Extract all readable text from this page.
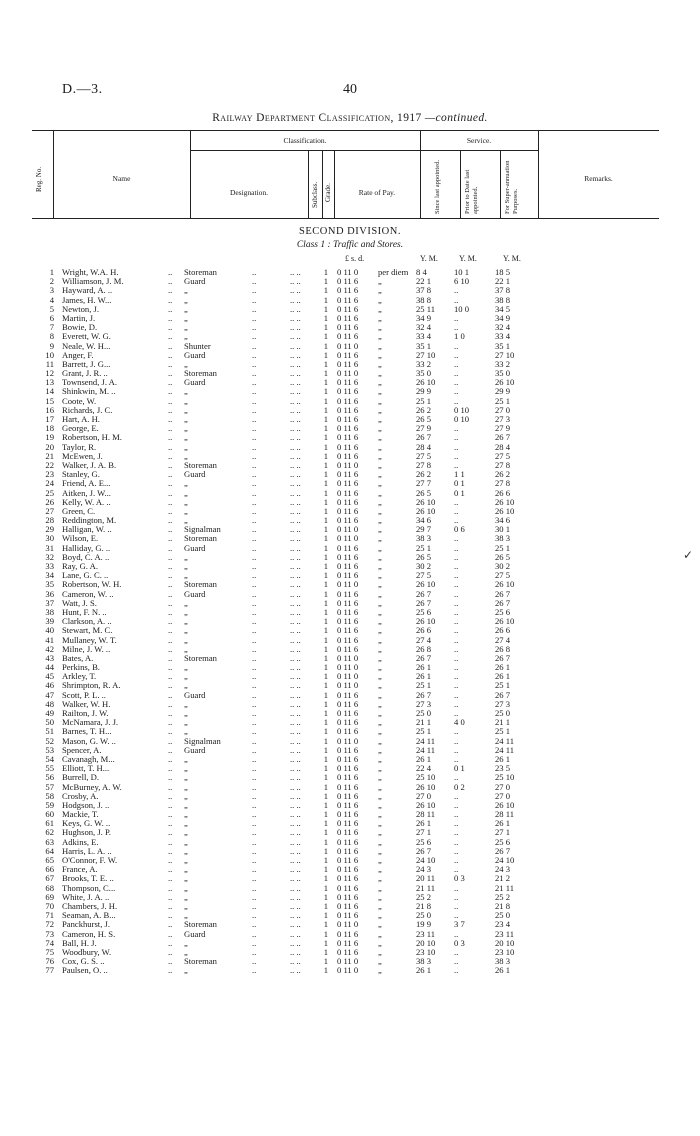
D.—3.	40
Railway Department Classification, 1917 —continued.
Reg. No.	Name
Classification.	Service.
Designation.	Subclass. Grade.	Rate of Pay.	Since last appointed.	Prior to Date last appointed.	For Super-annuation Purposes.
Remarks.
SECOND DIVISION.
Class 1 : Traffic and Stores.
£ s. d.	Y. M.	Y. M.	Y. M.
1 Wright, W.A. H.	.. Storeman	..	.. ..	1 0 11 0	per diem 8 4	10 1	18 5
2 Williamson, J. M.	.. Guard	..	.. ..	1 0 11 6	„	22 1	6 10	22 1
3 Hayward, A. ..	.. „	..	.. ..	1 0 11 6	„	37 8	..	37 8
4 James, H. W...	.. „	..	.. ..	1 0 11 6	„	38 8	..	38 8
5 Newton, J.	.. „	..	.. ..	1 0 11 6	„	25 11	10 0	34 5
6 Martin, J.	.. „	..	.. ..	1 0 11 6	„	34 9	..	34 9
7 Bowie, D.	.. „	..	.. ..	1 0 11 6	„	32 4	..	32 4
8 Everett, W. G.	.. „	..	.. ..	1 0 11 6	„	33 4	1 0	33 4
9 Neale, W. H...	.. Shunter	..	.. ..	1 0 11 0	„	35 1	..	35 1
10 Anger, F.	.. Guard	..	.. ..	1 0 11 6	„	27 10	..	27 10
11 Barrett, J. G...	.. „	..	.. ..	1 0 11 6	„	33 2	..	33 2
12 Grant, J. R. ..	.. Storeman	..	.. ..	1 0 11 0	„	35 0	..	35 0
13 Townsend, J. A.	.. Guard	..	.. ..	1 0 11 6	„	26 10	..	26 10
14 Shinkwin, M. ..	.. „	..	.. ..	1 0 11 6	„	29 9	..	29 9
15 Coote, W.	.. „	..	.. ..	1 0 11 6	„	25 1	..	25 1
16 Richards, J. C.	.. „	..	.. ..	1 0 11 6	„	26 2	0 10	27 0
17 Hart, A. H.	.. „	..	.. ..	1 0 11 6	„	26 5	0 10	27 3
18 George, E.	.. „	..	.. ..	1 0 11 6	„	27 9	..	27 9
19 Robertson, H. M.	.. „	..	.. ..	1 0 11 6	„	26 7	..	26 7
20 Taylor, R.	.. „	..	.. ..	1 0 11 6	„	28 4	..	28 4
21 McEwen, J.	.. „	..	.. ..	1 0 11 6	„	27 5	..	27 5
22 Walker, J. A. B.	.. Storeman	..	.. ..	1 0 11 0	„	27 8	..	27 8
23 Stanley, G.	.. Guard	..	.. ..	1 0 11 6	„	26 2	1 1	26 2
24 Friend, A. E...	.. „	..	.. ..	1 0 11 6	„	27 7	0 1	27 8
25 Aitken, J. W...	.. „	..	.. ..	1 0 11 6	„	26 5	0 1	26 6
26 Kelly, W. A. ..	.. „	..	.. ..	1 0 11 6	„	26 10	..	26 10
27 Green, C.	.. „	..	.. ..	1 0 11 6	„	26 10	..	26 10
28 Reddington, M.	.. „	..	.. ..	1 0 11 6	„	34 6	..	34 6
29 Halligan, W. ..	.. Signalman	..	.. ..	1 0 11 0	„	29 7	0 6	30 1
30 Wilson, E.	.. Storeman	..	.. ..	1 0 11 0	„	38 3	..	38 3
31 Halliday, G. ..	.. Guard	..	.. ..	1 0 11 6	„	25 1	..	25 1
32 Boyd, C. A. ..	.. „	..	.. ..	1 0 11 6	„	26 5	..	26 5
33 Ray, G. A.	.. „	..	.. ..	1 0 11 6	„	30 2	..	30 2
34 Lane, G. C. ..	.. „	..	.. ..	1 0 11 6	„	27 5	..	27 5
35 Robertson, W. H.	.. Storeman	..	.. ..	1 0 11 0	„	26 10	..	26 10
36 Cameron, W. ..	.. Guard	..	.. ..	1 0 11 6	„	26 7	..	26 7
37 Watt, J. S.	.. „	..	.. ..	1 0 11 6	„	26 7	..	26 7
38 Hunt, F. N. ..	.. „	..	.. ..	1 0 11 6	„	25 6	..	25 6
39 Clarkson, A. ..	.. „	..	.. ..	1 0 11 6	„	26 10	..	26 10
40 Stewart, M. C.	.. „	..	.. ..	1 0 11 6	„	26 6	..	26 6
41 Mullaney, W. T.	.. „	..	.. ..	1 0 11 6	„	27 4	..	27 4
42 Milne, J. W. ..	.. „	..	.. ..	1 0 11 6	„	26 8	..	26 8
43 Bates, A.	.. Storeman	..	.. ..	1 0 11 0	„	26 7	..	26 7
44 Perkins, B.	.. „	..	.. ..	1 0 11 0	„	26 1	..	26 1
45 Arkley, T.	.. „	..	.. ..	1 0 11 0	„	26 1	..	26 1
46 Shrimpton, R. A.	.. „	..	.. ..	1 0 11 0	„	25 1	..	25 1
47 Scott, P. L. ..	.. Guard	..	.. ..	1 0 11 6	„	26 7	..	26 7
48 Walker, W. H.	.. „	..	.. ..	1 0 11 6	„	27 3	..	27 3
49 Railton, J. W.	.. „	..	.. ..	1 0 11 6	„	25 0	..	25 0
50 McNamara, J. J.	.. „	..	.. ..	1 0 11 6	„	21 1	4 0	21 1
51 Barnes, T. H...	.. „	..	.. ..	1 0 11 6	„	25 1	..	25 1
52 Mason, G. W. ..	.. Signalman	..	.. ..	1 0 11 0	„	24 11	..	24 11
53 Spencer, A.	.. Guard	..	.. ..	1 0 11 6	„	24 11	..	24 11
54 Cavanagh, M...	.. „	..	.. ..	1 0 11 6	„	26 1	..	26 1
55 Elliott, T. H...	.. „	..	.. ..	1 0 11 6	„	22 4	0 1	23 5
56 Burrell, D.	.. „	..	.. ..	1 0 11 6	„	25 10	..	25 10
57 McBurney, A. W.	.. „	..	.. ..	1 0 11 6	„	26 10	0 2	27 0
58 Crosby, A.	.. „	..	.. ..	1 0 11 6	„	27 0	..	27 0
59 Hodgson, J. ..	.. „	..	.. ..	1 0 11 6	„	26 10	..	26 10
60 Mackie, T.	.. „	..	.. ..	1 0 11 6	„	28 11	..	28 11
61 Keys, G. W. ..	.. „	..	.. ..	1 0 11 6	„	26 1	..	26 1
62 Hughson, J. P.	.. „	..	.. ..	1 0 11 6	„	27 1	..	27 1
63 Adkins, E.	.. „	..	.. ..	1 0 11 6	„	25 6	..	25 6
64 Harris, L. A. ..	.. „	..	.. ..	1 0 11 6	„	26 7	..	26 7
65 O'Connor, F. W.	.. „	..	.. ..	1 0 11 6	„	24 10	..	24 10
66 France, A.	.. „	..	.. ..	1 0 11 6	„	24 3	..	24 3
67 Brooks, T. E. ..	.. „	..	.. ..	1 0 11 6	„	20 11	0 3	21 2
68 Thompson, C...	.. „	..	.. ..	1 0 11 6	„	21 11	..	21 11
69 White, J. A. ..	.. „	..	.. ..	1 0 11 6	„	25 2	..	25 2
70 Chambers, J. H.	.. „	..	.. ..	1 0 11 6	„	21 8	..	21 8
71 Seaman, A. B...	.. „	..	.. ..	1 0 11 6	„	25 0	..	25 0
72 Panckhurst, J.	.. Storeman	..	.. ..	1 0 11 0	„	19 9	3 7	23 4
73 Cameron, H. S.	.. Guard	..	.. ..	1 0 11 6	„	23 11	..	23 11
74 Ball, H. J.	.. „	..	.. ..	1 0 11 6	„	20 10	0 3	20 10
75 Woodbury, W.	.. „	..	.. ..	1 0 11 6	„	23 10	..	23 10
76 Cox, G. S. ..	.. Storeman	..	.. ..	1 0 11 0	„	38 3	..	38 3
77 Paulsen, O. ..	.. „	..	.. ..	1 0 11 0	„	26 1	..	26 1
✓
